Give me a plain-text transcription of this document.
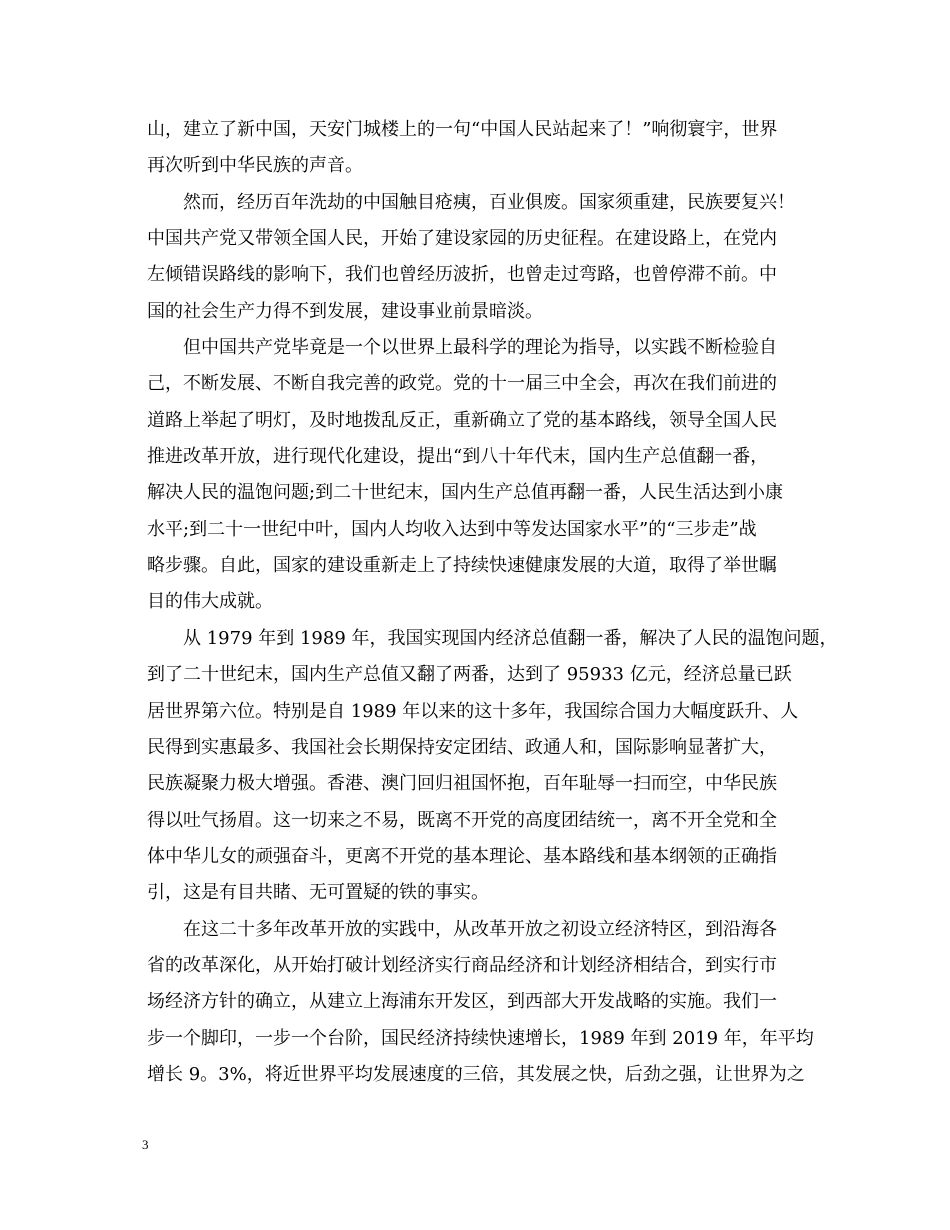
山，建立了新中国，天安门城楼上的一句“中国人民站起来了！”响彻寰宇，世界
再次听到中华民族的声音。
然而，经历百年洗劫的中国触目疮痍，百业俱废。国家须重建，民族要复兴！
中国共产党又带领全国人民，开始了建设家园的历史征程。在建设路上，在党内
左倾错误路线的影响下，我们也曾经历波折，也曾走过弯路，也曾停滞不前。中
国的社会生产力得不到发展，建设事业前景暗淡。
但中国共产党毕竟是一个以世界上最科学的理论为指导，以实践不断检验自
己，不断发展、不断自我完善的政党。党的十一届三中全会，再次在我们前进的
道路上举起了明灯，及时地拨乱反正，重新确立了党的基本路线，领导全国人民
推进改革开放，进行现代化建设，提出“到八十年代末，国内生产总值翻一番，
解决人民的温饱问题;到二十世纪末，国内生产总值再翻一番，人民生活达到小康
水平;到二十一世纪中叶，国内人均收入达到中等发达国家水平”的“三步走”战
略步骤。自此，国家的建设重新走上了持续快速健康发展的大道，取得了举世瞩
目的伟大成就。
从 1979 年到 1989 年，我国实现国内经济总值翻一番，解决了人民的温饱问题，
到了二十世纪末，国内生产总值又翻了两番，达到了 95933 亿元，经济总量已跃
居世界第六位。特别是自 1989 年以来的这十多年，我国综合国力大幅度跃升、人
民得到实惠最多、我国社会长期保持安定团结、政通人和，国际影响显著扩大，
民族凝聚力极大增强。香港、澳门回归祖国怀抱，百年耻辱一扫而空，中华民族
得以吐气扬眉。这一切来之不易，既离不开党的高度团结统一，离不开全党和全
体中华儿女的顽强奋斗，更离不开党的基本理论、基本路线和基本纲领的正确指
引，这是有目共睹、无可置疑的铁的事实。
在这二十多年改革开放的实践中，从改革开放之初设立经济特区，到沿海各
省的改革深化，从开始打破计划经济实行商品经济和计划经济相结合，到实行市
场经济方针的确立，从建立上海浦东开发区，到西部大开发战略的实施。我们一
步一个脚印，一步一个台阶，国民经济持续快速增长，1989 年到 2019 年，年平均
增长 9。3%，将近世界平均发展速度的三倍，其发展之快，后劲之强，让世界为之
3
